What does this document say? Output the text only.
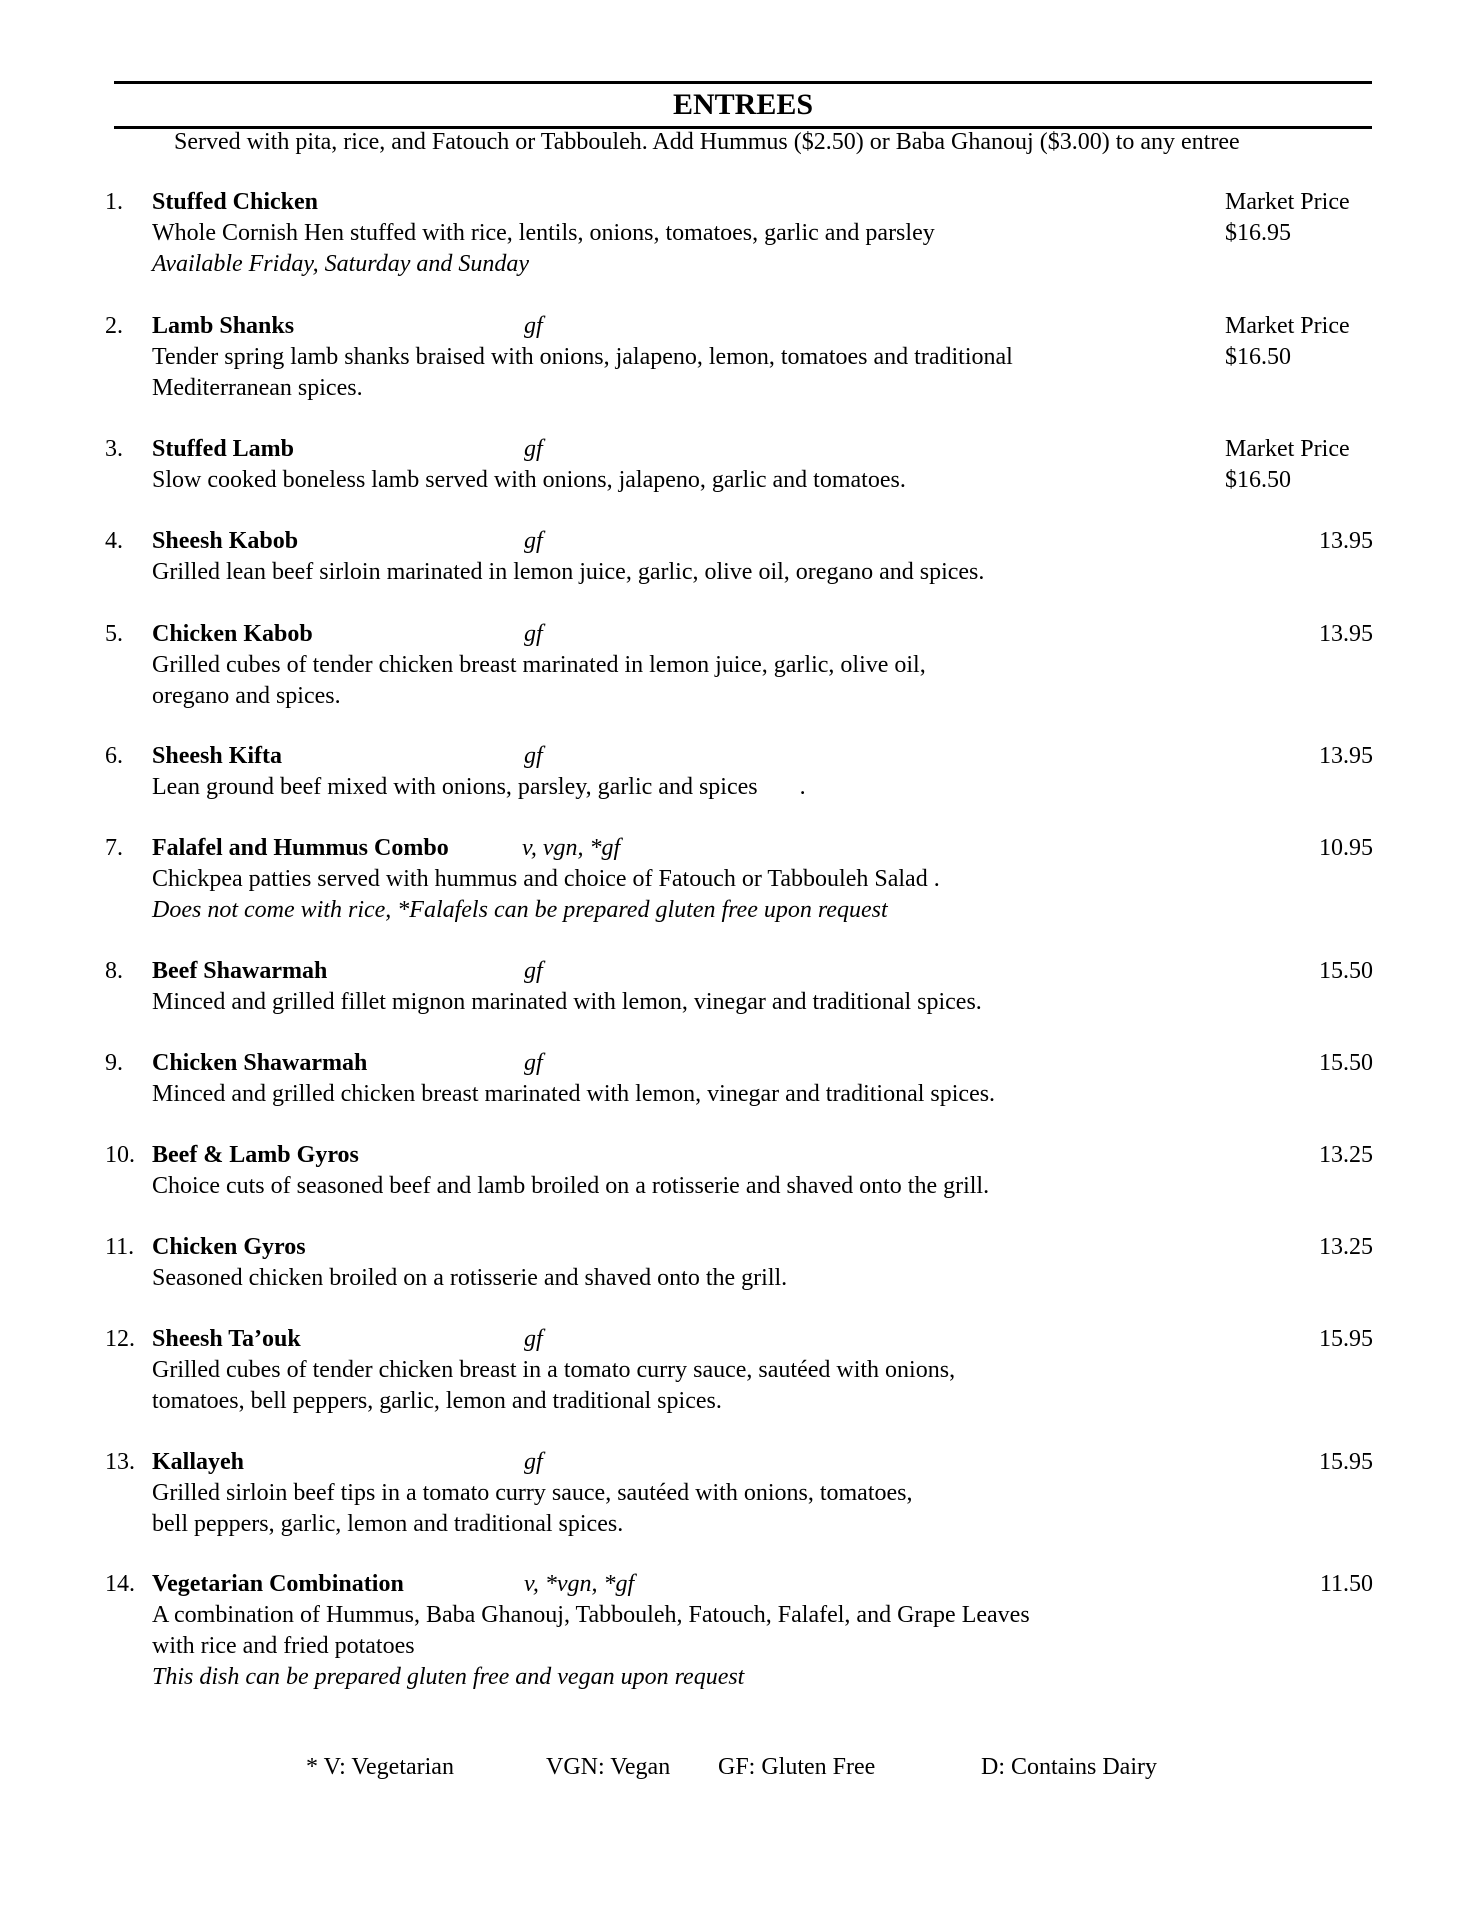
ENTREES
Served with pita, rice, and Fatouch or Tabbouleh. Add Hummus ($2.50) or Baba Ghanouj ($3.00) to any entree
1. Stuffed Chicken	Market Price
Whole Cornish Hen stuffed with rice, lentils, onions, tomatoes, garlic and parsley	$16.95
Available Friday, Saturday and Sunday
2. Lamb Shanks	gf	Market Price
Tender spring lamb shanks braised with onions, jalapeno, lemon, tomatoes and traditional	$16.50
Mediterranean spices.
3. Stuffed Lamb	gf	Market Price
Slow cooked boneless lamb served with onions, jalapeno, garlic and tomatoes.	$16.50
4. Sheesh Kabob	gf	13.95
Grilled lean beef sirloin marinated in lemon juice, garlic, olive oil, oregano and spices.
5. Chicken Kabob	gf	13.95
Grilled cubes of tender chicken breast marinated in lemon juice, garlic, olive oil,
oregano and spices.
6. Sheesh Kifta	gf	13.95
Lean ground beef mixed with onions, parsley, garlic and spices       .
7. Falafel and Hummus Combo	v, vgn, *gf	10.95
Chickpea patties served with hummus and choice of Fatouch or Tabbouleh Salad .
Does not come with rice, *Falafels can be prepared gluten free upon request
8. Beef Shawarmah	gf	15.50
Minced and grilled fillet mignon marinated with lemon, vinegar and traditional spices.
9. Chicken Shawarmah	gf	15.50
Minced and grilled chicken breast marinated with lemon, vinegar and traditional spices.
10. Beef & Lamb Gyros	13.25
Choice cuts of seasoned beef and lamb broiled on a rotisserie and shaved onto the grill.
11. Chicken Gyros	13.25
Seasoned chicken broiled on a rotisserie and shaved onto the grill.
12. Sheesh Ta’ouk	gf	15.95
Grilled cubes of tender chicken breast in a tomato curry sauce, sautéed with onions,
tomatoes, bell peppers, garlic, lemon and traditional spices.
13. Kallayeh	gf	15.95
Grilled sirloin beef tips in a tomato curry sauce, sautéed with onions, tomatoes,
bell peppers, garlic, lemon and traditional spices.
14. Vegetarian Combination	v, *vgn, *gf	11.50
A combination of Hummus, Baba Ghanouj, Tabbouleh, Fatouch, Falafel, and Grape Leaves
with rice and fried potatoes
This dish can be prepared gluten free and vegan upon request
* V: Vegetarian	VGN: Vegan GF: Gluten Free	D: Contains Dairy
